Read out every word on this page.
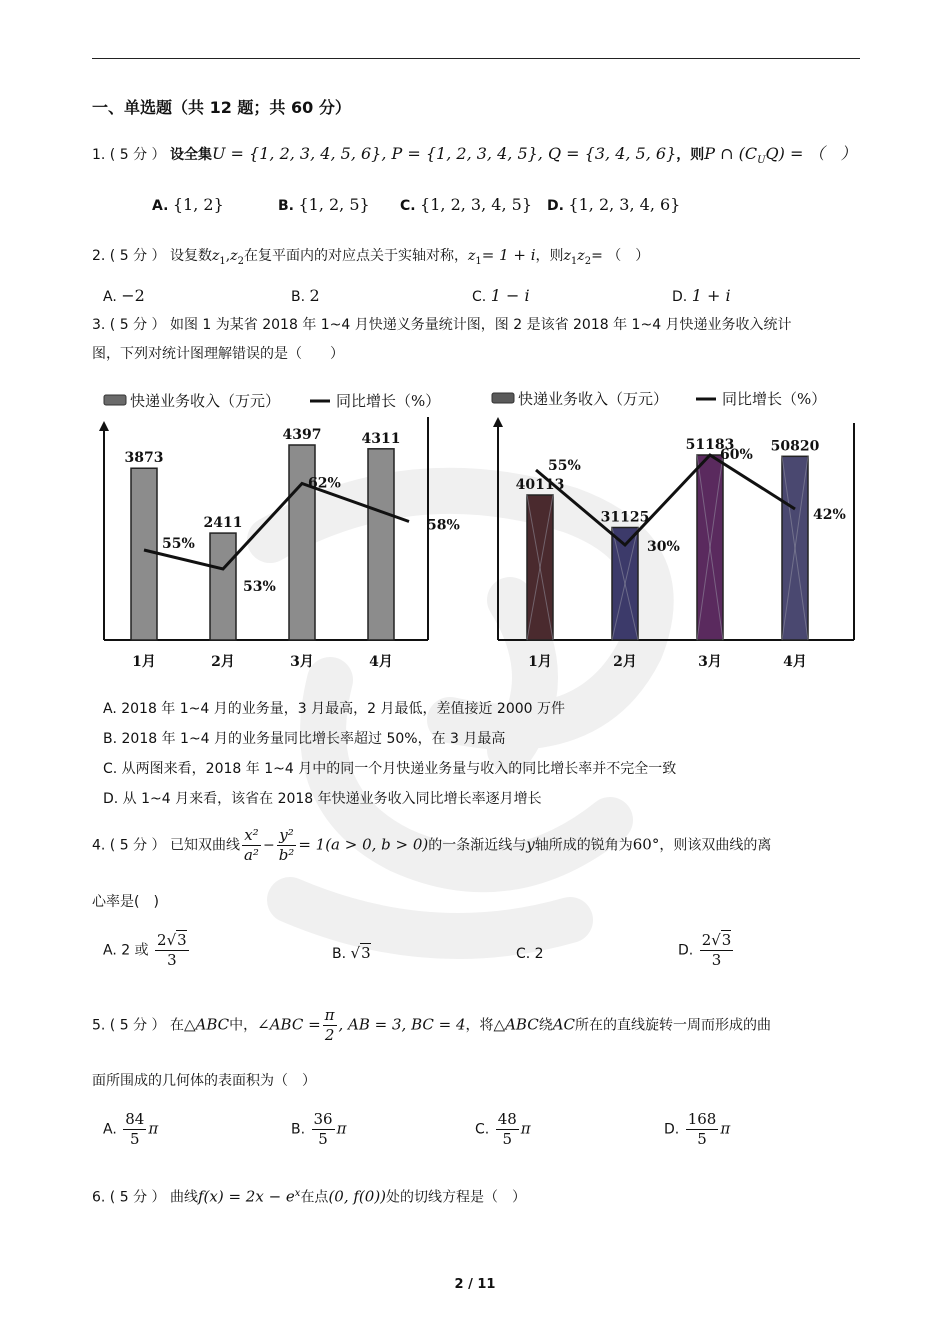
一、单选题（共 12 题；共 60 分）
1. ( 5 分 ） 设全集U = {1, 2, 3, 4, 5, 6}, P = {1, 2, 3, 4, 5}, Q = {3, 4, 5, 6}，则P ∩ $(C_UQ)$ = （　）
A. {1, 2}	B. {1, 2, 5} C. {1, 2, 3, 4, 5} D. {1, 2, 3, 4, 6}
2. ( 5 分 ） 设复数$z_1,z_2$在复平面内的对应点关于实轴对称，$z_1= 1 + i$，则$z_1z_2=$ （　）
A. −2	B. 2	C. 1 − i	D. 1 + i
3. ( 5 分 ） 如图 1 为某省 2018 年 1~4 月快递义务量统计图，图 2 是该省 2018 年 1~4 月快递业务收入统计
图，下列对统计图理解错误的是（　　）
快递业务收入（万元）	同比增长（%）
3873
1月
2411
2月
4397
3月
4311
4月
55%
53%
62%
58%
快递业务收入（万元）	同比增长（%）
40113
1月
31125
2月
51183
3月
50820
4月
55%
30%
60%
42%
A. 2018 年 1~4 月的业务量，3 月最高，2 月最低，差值接近 2000 万件
B. 2018 年 1~4 月的业务量同比增长率超过 50%，在 3 月最高
C. 从两图来看，2018 年 1~4 月中的同一个月快递业务量与收入的同比增长率并不完全一致
D. 从 1~4 月来看，该省在 2018 年快递业务收入同比增长率逐月增长
4. ( 5 分 ） 已知双曲线 $\frac{\text{x²}}{\text{a²}} - \frac{\text{y²}}{\text{b²}} = 1(a > 0$, b > 0)的一条渐近线与y轴所成的锐角为60°，则该双曲线的离
心率是(　)
A. 2 或 $\frac{2√3}{3}$	B. √3	C. 2	D. $\frac{2√3}{3}$
5. ( 5 分 ） 在△ABC中，∠ABC = $\frac{\pi}{2}$ , AB = 3, BC = 4，将△ABC绕AC所在的直线旋转一周而形成的曲
面所围成的几何体的表面积为（　）
A. $\frac{84}{5}$ π	B. $\frac{36}{5}$ π	C. $\frac{48}{5}$ π	D. $\frac{168}{5}$ π
6. ( 5 分 ） 曲线$f(x) = 2x - e^x$在点(0, f(0))处的切线方程是（　）
2 / 11
